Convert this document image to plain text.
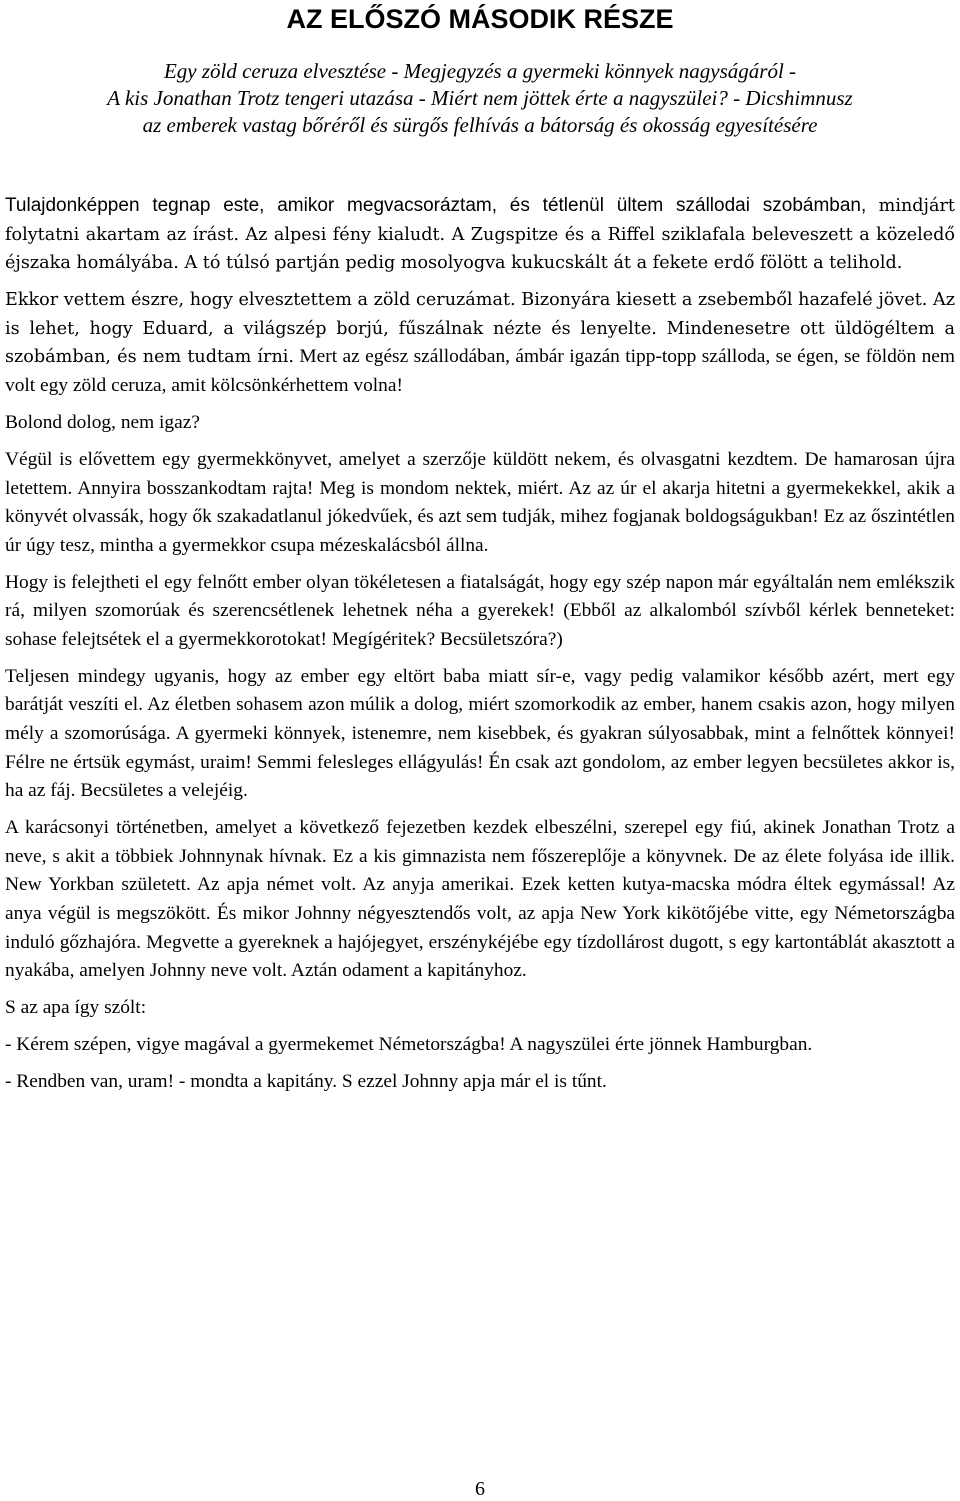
AZ ELŐSZÓ MÁSODIK RÉSZE
Egy zöld ceruza elvesztése - Megjegyzés a gyermeki könnyek nagyságáról -
A kis Jonathan Trotz tengeri utazása - Miért nem jöttek érte a nagyszülei? - Dicshimnusz
az emberek vastag bőréről és sürgős felhívás a bátorság és okosság egyesítésére

Tulajdonképpen tegnap este, amikor megvacsoráztam, és tétlenül ültem szállodai szobámban, mindjárt folytatni akartam az írást. Az alpesi fény kialudt. A Zugspitze és a Riffel sziklafala beleveszett a közeledő éjszaka homályába. A tó túlsó partján pedig mosolyogva kukucskált át a fekete erdő fölött a telihold.

Ekkor vettem észre, hogy elvesztettem a zöld ceruzámat. Bizonyára kiesett a zsebemből hazafelé jövet. Az is lehet, hogy Eduard, a világszép borjú, fűszálnak nézte és lenyelte. Mindenesetre ott üldögéltem a szobámban, és nem tudtam írni. Mert az egész szállodában, ámbár igazán tipp-topp szálloda, se égen, se földön nem volt egy zöld ceruza, amit kölcsönkérhettem volna!

Bolond dolog, nem igaz?

Végül is elővettem egy gyermekkönyvet, amelyet a szerzője küldött nekem, és olvasgatni kezdtem. De hamarosan újra letettem. Annyira bosszankodtam rajta! Meg is mondom nektek, miért. Az az úr el akarja hitetni a gyermekekkel, akik a könyvét olvassák, hogy ők szakadatlanul jókedvűek, és azt sem tudják, mihez fogjanak boldogságukban! Ez az őszintétlen úr úgy tesz, mintha a gyermekkor csupa mézeskalácsból állna.

Hogy is felejtheti el egy felnőtt ember olyan tökéletesen a fiatalságát, hogy egy szép napon már egyáltalán nem emlékszik rá, milyen szomorúak és szerencsétlenek lehetnek néha a gyerekek! (Ebből az alkalomból szívből kérlek benneteket: sohase felejtsétek el a gyermekkorotokat! Megígéritek? Becsületszóra?)

Teljesen mindegy ugyanis, hogy az ember egy eltört baba miatt sír-e, vagy pedig valamikor később azért, mert egy barátját veszíti el. Az életben sohasem azon múlik a dolog, miért szomorkodik az ember, hanem csakis azon, hogy milyen mély a szomorúsága. A gyermeki könnyek, istenemre, nem kisebbek, és gyakran súlyosabbak, mint a felnőttek könnyei! Félre ne értsük egymást, uraim! Semmi felesleges ellágyulás! Én csak azt gondolom, az ember legyen becsületes akkor is, ha az fáj. Becsületes a velejéig.

A karácsonyi történetben, amelyet a következő fejezetben kezdek elbeszélni, szerepel egy fiú, akinek Jonathan Trotz a neve, s akit a többiek Johnnynak hívnak. Ez a kis gimnazista nem főszereplője a könyvnek. De az élete folyása ide illik. New Yorkban született. Az apja német volt. Az anyja amerikai. Ezek ketten kutya-macska módra éltek egymással! Az anya végül is megszökött. És mikor Johnny négyesztendős volt, az apja New York kikötőjébe vitte, egy Németországba induló gőzhajóra. Megvette a gyereknek a hajójegyet, erszénykéjébe egy tízdollárost dugott, s egy kartontáblát akasztott a nyakába, amelyen Johnny neve volt. Aztán odament a kapitányhoz.

S az apa így szólt:

- Kérem szépen, vigye magával a gyermekemet Németországba! A nagyszülei érte jönnek Hamburgban.

- Rendben van, uram! - mondta a kapitány. S ezzel Johnny apja már el is tűnt.

6
